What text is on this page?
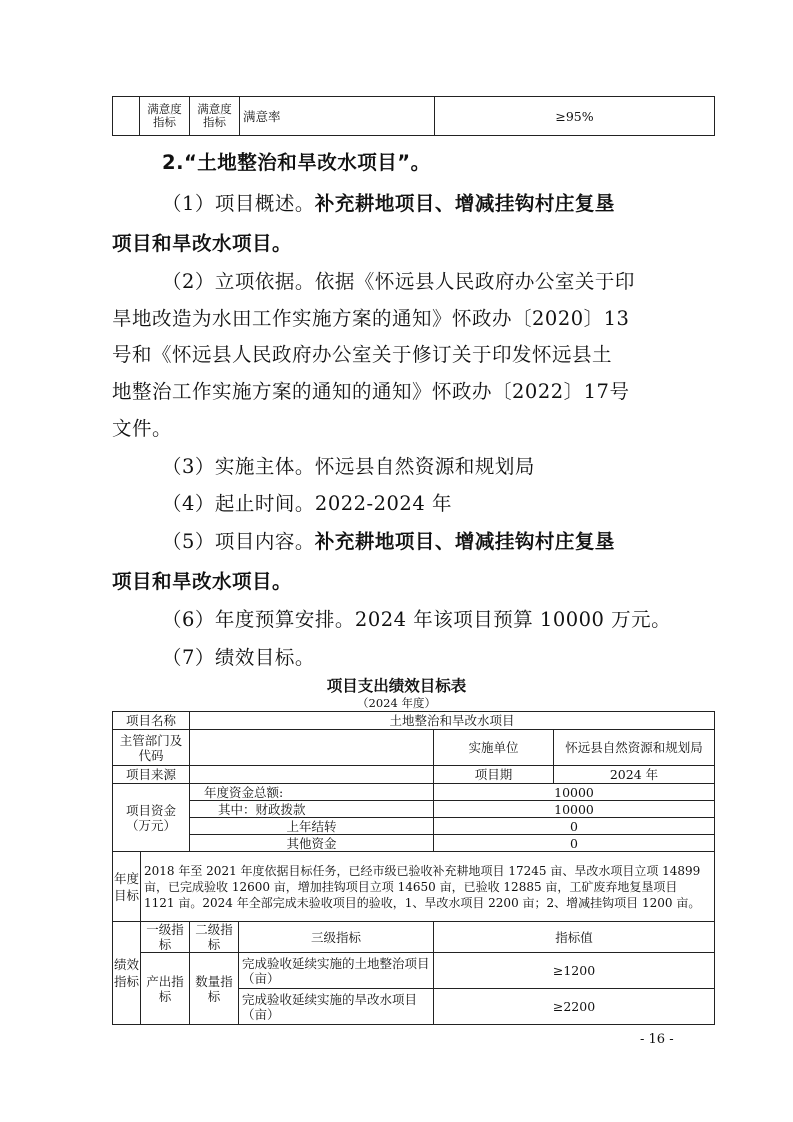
	满意度指标	满意度指标	满意率	≥95%

2.“土地整治和旱改水项目”。

（1）项目概述。补充耕地项目、增减挂钩村庄复垦

项目和旱改水项目。

（2）立项依据。依据《怀远县人民政府办公室关于印

旱地改造为水田工作实施方案的通知》怀政办〔2020〕13

号和《怀远县人民政府办公室关于修订关于印发怀远县土

地整治工作实施方案的通知的通知》怀政办〔2022〕17号

文件。

（3）实施主体。怀远县自然资源和规划局

（4）起止时间。2022-2024 年

（5）项目内容。补充耕地项目、增减挂钩村庄复垦

项目和旱改水项目。

（6）年度预算安排。2024 年该项目预算 10000 万元。

（7）绩效目标。

项目支出绩效目标表

（2024 年度）

项目名称		土地整治和旱改水项目			
主管部门及代码				实施单位	怀远县自然资源和规划局
项目来源				项目期	2024 年
项目资金（万元）		年度资金总额:		10000	
		其中：财政拨款		10000	
		上年结转		0	
		其他资金		0	
年度目标	2018 年至 2021 年度依据目标任务，已经市级已验收补充耕地项目 17245 亩、旱改水项目立项 14899 亩，已完成验收 12600 亩，增加挂钩项目立项 14650 亩，已验收 12885 亩，工矿废弃地复垦项目 1121 亩。2024 年全部完成未验收项目的验收，1、旱改水项目 2200 亩；2、增减挂钩项目 1200 亩。				
绩效指标	一级指标	二级指标	三级指标	指标值	
	产出指标	数量指标	完成验收延续实施的土地整治项目（亩）	≥1200	
			完成验收延续实施的旱改水项目（亩）	≥2200	

- 16 -
